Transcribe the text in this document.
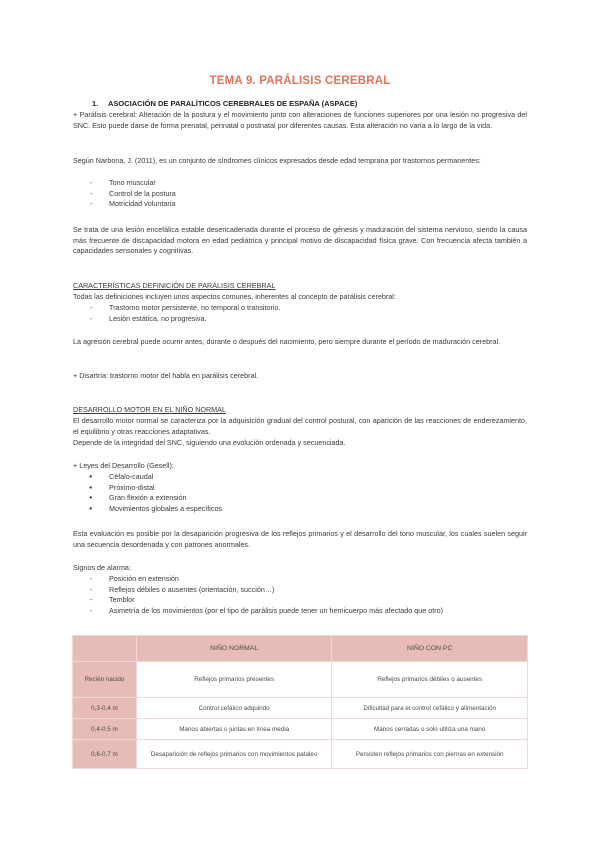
TEMA 9. PARÁLISIS CEREBRAL
1. ASOCIACIÓN DE PARALÍTICOS CEREBRALES DE ESPAÑA (ASPACE)
+ Parálisis cerebral: Alteración de la postura y el movimiento junto con alteraciones de funciones superiores por una lesión no progresiva del SNC. Esto puede darse de forma prenatal, perinatal o postnatal por diferentes causas. Esta alteración no varía a lo largo de la vida.
Según Narbona, J. (2011), es un conjunto de síndromes clínicos expresados desde edad temprana por trastornos permanentes:
- Tono muscular
- Control de la postura
- Motricidad voluntaria
Se trata de una lesión encefálica estable desencadenada durante el proceso de génesis y maduración del sistema nervioso, siendo la causa más frecuente de discapacidad motora en edad pediátrica y principal motivo de discapacidad física grave. Con frecuencia afecta también a capacidades sensoriales y cognitivas.
CARACTERÍSTICAS DEFINICIÓN DE PARÁLISIS CEREBRAL
Todas las definiciones incluyen unos aspectos comunes, inherentes al concepto de parálisis cerebral:
- Trastorno motor persistente, no temporal o transitorio.
- Lesión estática, no progresiva.
La agresión cerebral puede ocurrir antes, durante o después del nacimiento, pero siempre durante el período de maduración cerebral.
+ Disartria: trastorno motor del habla en parálisis cerebral.
DESARROLLO MOTOR EN EL NIÑO NORMAL
El desarrollo motor normal se caracteriza por la adquisición gradual del control postural, con aparición de las reacciones de enderezamiento, el equilibrio y otras reacciones adaptativas.
Depende de la integridad del SNC, siguiendo una evolución ordenada y secuenciada.
+ Leyes del Desarrollo (Gesell):
● Céfalo-caudal
● Próximo-distal
● Gran flexión a extensión
● Movimientos globales a específicos
Esta evaluación es posible por la desaparición progresiva de los reflejos primarios y el desarrollo del tono muscular, los cuales suelen seguir una secuencia desordenada y con patrones anormales.
Signos de alarma:
- Posición en extensión
- Reflejos débiles o ausentes (orientación, succión…)
- Temblor
- Asimetría de los movimientos (por el tipo de parálisis puede tener un hemicuerpo más afectado que otro)
	NIÑO NORMAL	NIÑO CON PC
Recién nacido	Reflejos primarios presentes	Reflejos primarios débiles o ausentes
0,3-0,4 m	Control cefálico adquirido	Dificultad para el control cefálico y alimentación
0,4-0,5 m	Manos abiertas o juntas en línea media	Manos cerradas o solo utiliza una mano
0,6-0,7 m	Desaparición de reflejos primarios con movimientos pataleo	Persisten reflejos primarios con piernas en extensión
